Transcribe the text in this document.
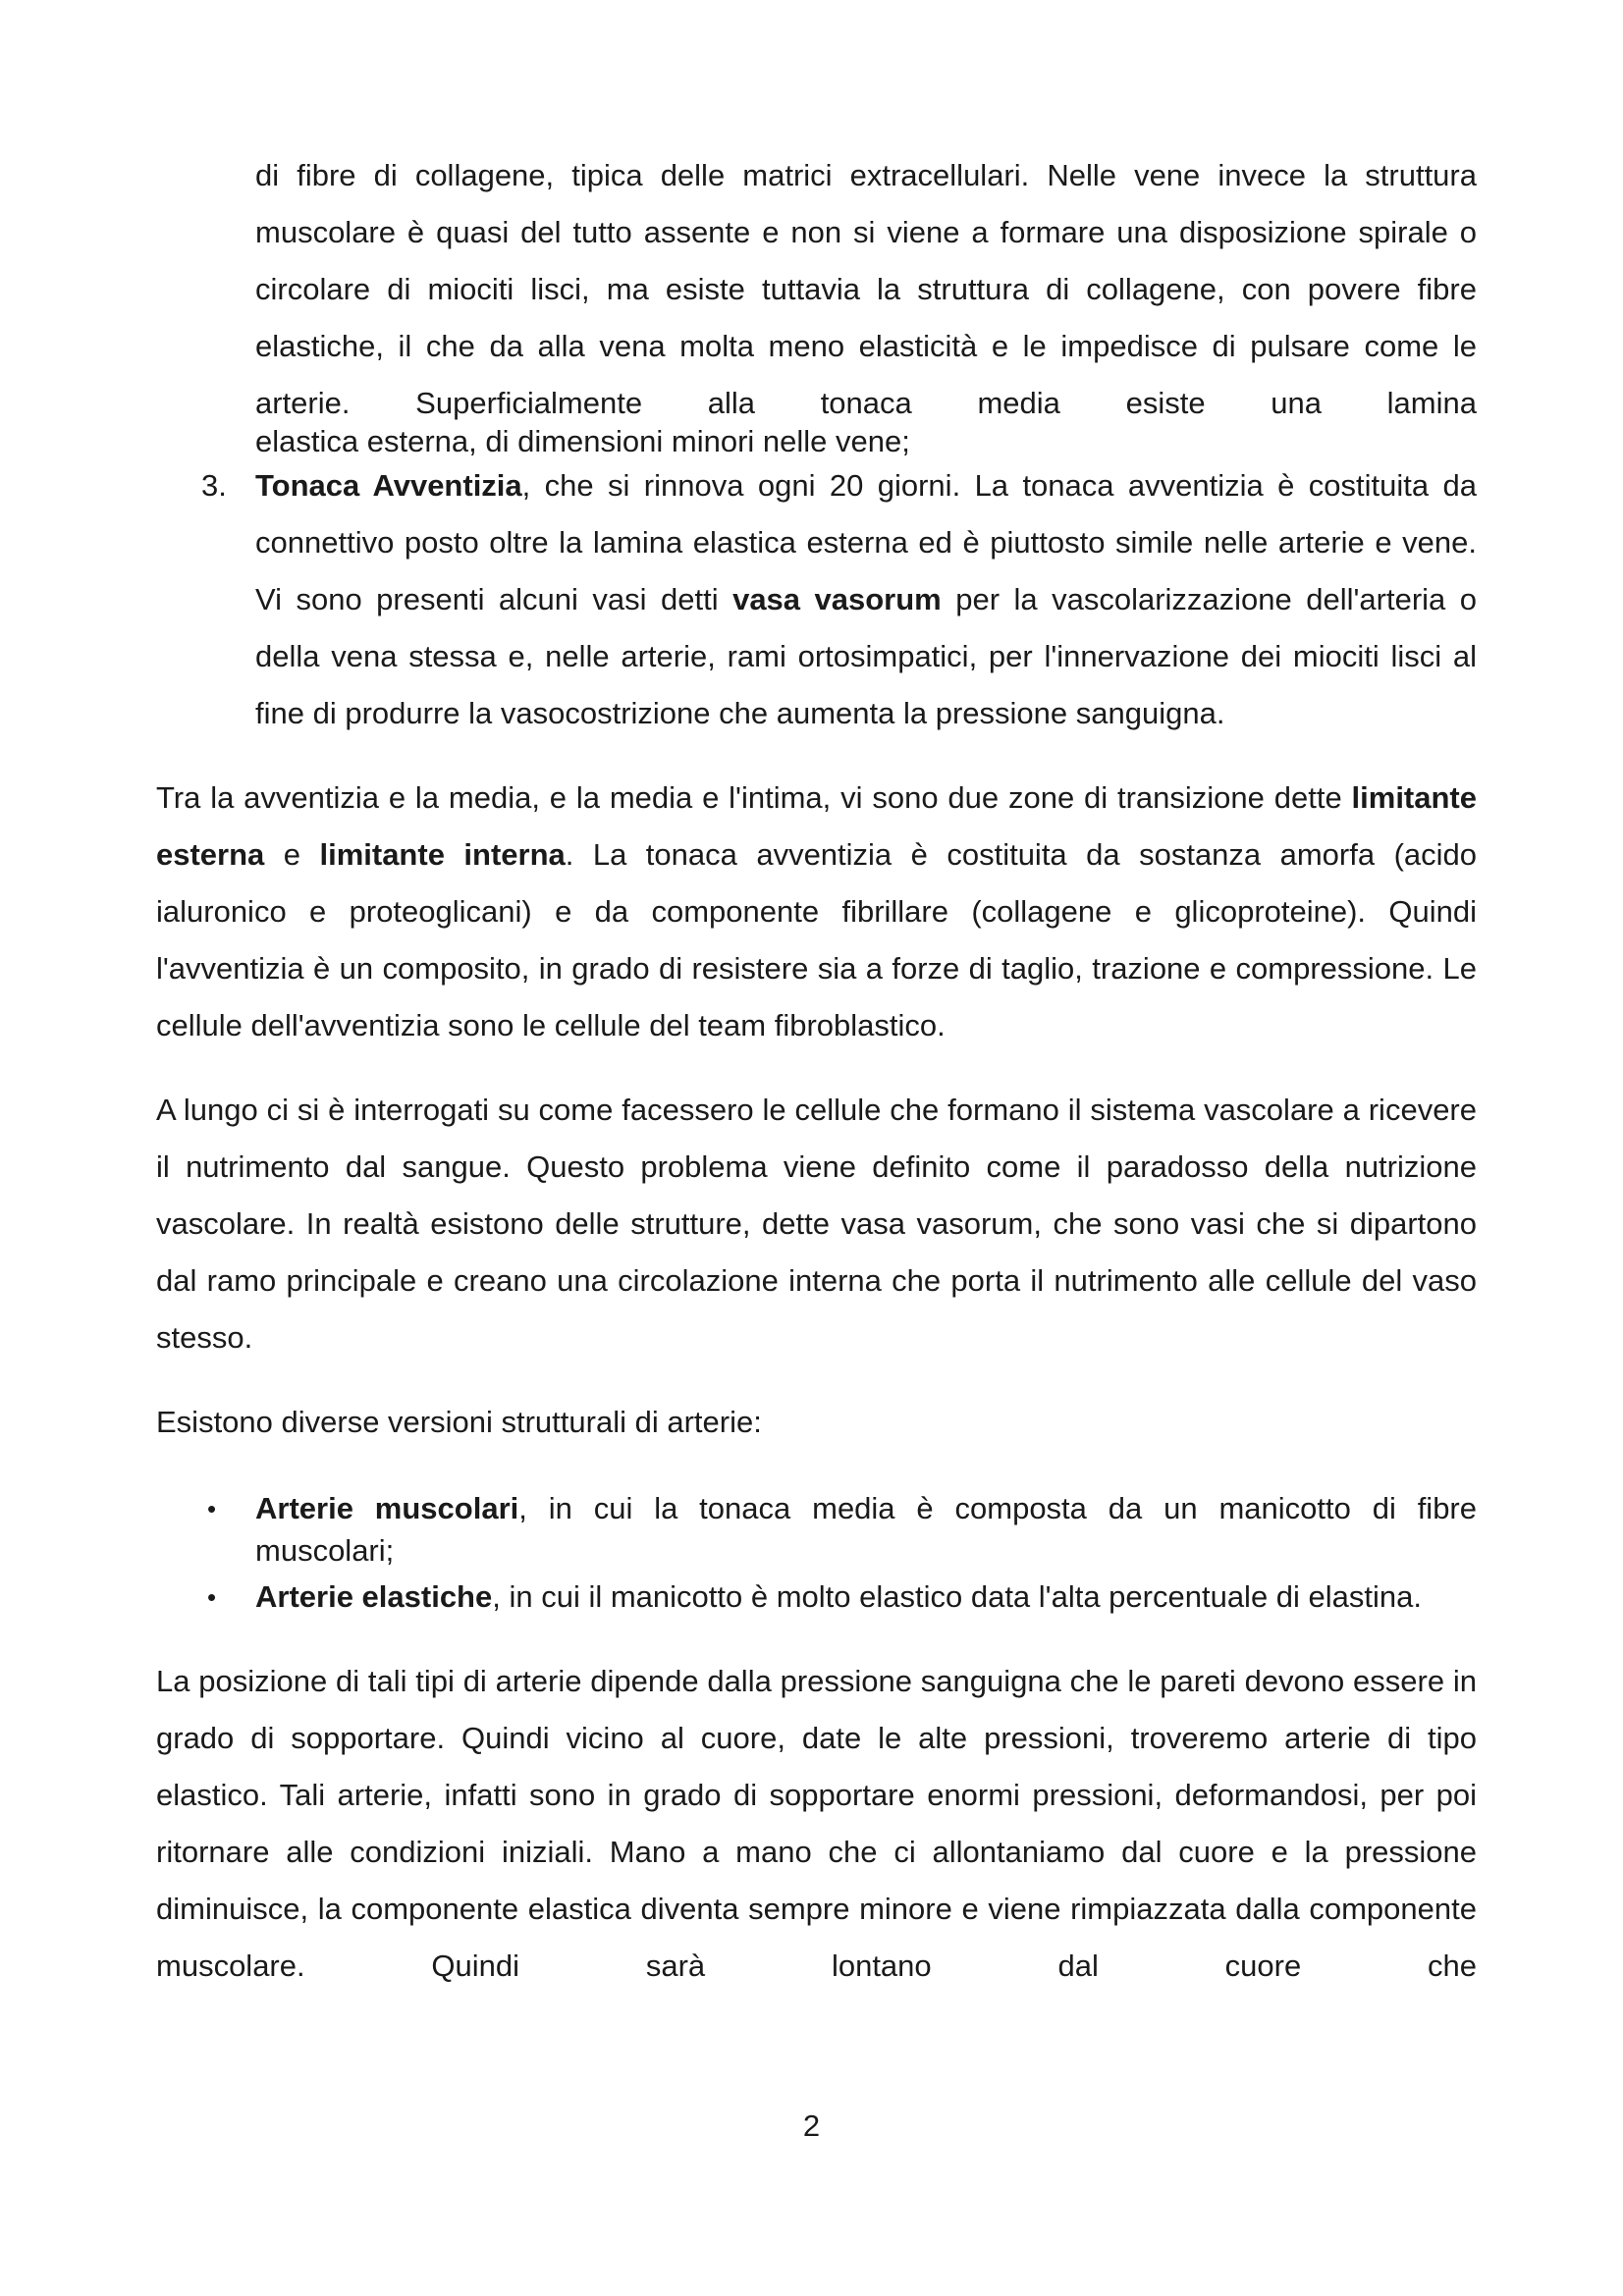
di fibre di collagene, tipica delle matrici extracellulari. Nelle vene invece la struttura muscolare è quasi del tutto assente e non si viene a formare una disposizione spirale o circolare di miociti lisci, ma esiste tuttavia la struttura di collagene, con povere fibre elastiche, il che da alla vena molta meno elasticità e le impedisce di pulsare come le arterie. Superficialmente alla tonaca media esiste una lamina

elastica esterna, di dimensioni minori nelle vene;

3. Tonaca Avventizia, che si rinnova ogni 20 giorni. La tonaca avventizia è costituita da connettivo posto oltre la lamina elastica esterna ed è piuttosto simile nelle arterie e vene. Vi sono presenti alcuni vasi detti vasa vasorum per la vascolarizzazione dell'arteria o della vena stessa e, nelle arterie, rami ortosimpatici, per l'innervazione dei miociti lisci al fine di produrre la vasocostrizione che aumenta la pressione sanguigna.

Tra la avventizia e la media, e la media e l'intima, vi sono due zone di transizione dette limitante esterna e limitante interna. La tonaca avventizia è costituita da sostanza amorfa (acido ialuronico e proteoglicani) e da componente fibrillare (collagene e glicoproteine). Quindi l'avventizia è un composito, in grado di resistere sia a forze di taglio, trazione e compressione. Le cellule dell'avventizia sono le cellule del team fibroblastico.

A lungo ci si è interrogati su come facessero le cellule che formano il sistema vascolare a ricevere il nutrimento dal sangue. Questo problema viene definito come il paradosso della nutrizione vascolare. In realtà esistono delle strutture, dette vasa vasorum, che sono vasi che si dipartono dal ramo principale e creano una circolazione interna che porta il nutrimento alle cellule del vaso stesso.

Esistono diverse versioni strutturali di arterie:

• Arterie muscolari, in cui la tonaca media è composta da un manicotto di fibre

muscolari;

• Arterie elastiche, in cui il manicotto è molto elastico data l'alta percentuale di elastina.

La posizione di tali tipi di arterie dipende dalla pressione sanguigna che le pareti devono essere in grado di sopportare. Quindi vicino al cuore, date le alte pressioni, troveremo arterie di tipo elastico. Tali arterie, infatti sono in grado di sopportare enormi pressioni, deformandosi, per poi ritornare alle condizioni iniziali. Mano a mano che ci allontaniamo dal cuore e la pressione diminuisce, la componente elastica diventa sempre minore e viene rimpiazzata dalla componente muscolare. Quindi sarà lontano dal cuore che

2
